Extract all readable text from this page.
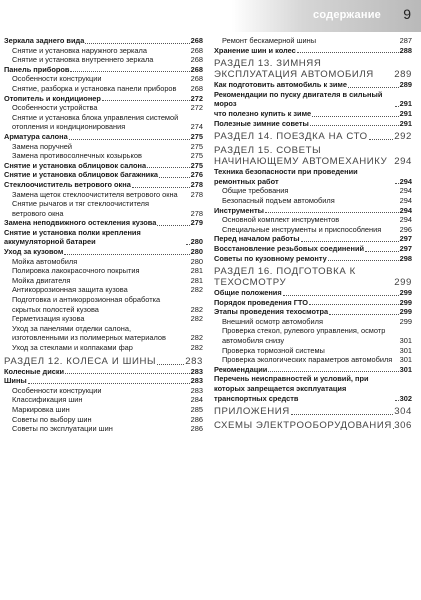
содержание 9
Зеркала заднего вида	268
Снятие и установка наружного зеркала	268
Снятие и установка внутреннего зеркала	268
Панель приборов	268
Особенности конструкции	268
Снятие, разборка и установка панели приборов 268
Отопитель и кондиционер	272
Особенности устройства	272
Снятие и установка блока управления системой отопления и кондиционирования	274
Арматура салона	275
Замена поручней	275
Замена противосолнечных козырьков	275
Снятие и установка облицовок салона	275
Снятие и установка облицовок багажника	276
Стеклоочиститель ветрового окна	278
Замена щеток стеклоочистителя ветрового окна 278
Снятие рычагов и тяг стеклоочистителя ветрового окна	278
Замена неподвижного остекления кузова	279
Снятие и установка полки крепления аккумуляторной батареи	280
Уход за кузовом	280
Мойка автомобиля	280
Полировка лакокрасочного покрытия	281
Мойка двигателя	281
Антикоррозионная защита кузова	282
Подготовка и антикоррозионная обработка скрытых полостей кузова	282
Герметизация кузова	282
Уход за панелями отделки салона, изготовленными из полимерных материалов	282
Уход за стеклами и колпаками фар	282
РАЗДЕЛ 12. КОЛЕСА И ШИНЫ	283
Колесные диски	283
Шины	283
Особенности конструкции	283
Классификация шин	284
Маркировка шин	285
Советы по выбору шин	286
Советы по эксплуатации шин	286
Ремонт бескамерной шины	287
Хранение шин и колес	288
РАЗДЕЛ 13. ЗИМНЯЯ ЭКСПЛУАТАЦИЯ АВТОМОБИЛЯ	289
Как подготовить автомобиль к зиме	289
Рекомендации по пуску двигателя в сильный мороз	291
что полезно купить к зиме	291
Полезные зимние советы	291
РАЗДЕЛ 14. ПОЕЗДКА НА СТО	292
РАЗДЕЛ 15. СОВЕТЫ НАЧИНАЮЩЕМУ АВТОМЕХАНИКУ 294
Техника безопасности при проведении ремонтных работ	294
Общие требования	294
Безопасный подъем автомобиля	294
Инструменты	294
Основной комплект инструментов	294
Специальные инструменты и приспособления 296
Перед началом работы	297
Восстановление резьбовых соединений	297
Советы по кузовному ремонту	298
РАЗДЕЛ 16. ПОДГОТОВКА К ТЕХОСМОТРУ	299
Общие положения	299
Порядок проведения ГТО	299
Этапы проведения техосмотра	299
Внешний осмотр автомобиля	299
Проверка стекол, рулевого управления, осмотр автомобиля снизу	301
Проверка тормозной системы	301
Проверка экологических параметров автомобиля 301
Рекомендации	301
Перечень неисправностей и условий, при которых запрещается эксплуатация транспортных средств	302
ПРИЛОЖЕНИЯ	304
СХЕМЫ ЭЛЕКТРООБОРУДОВАНИЯ 306
